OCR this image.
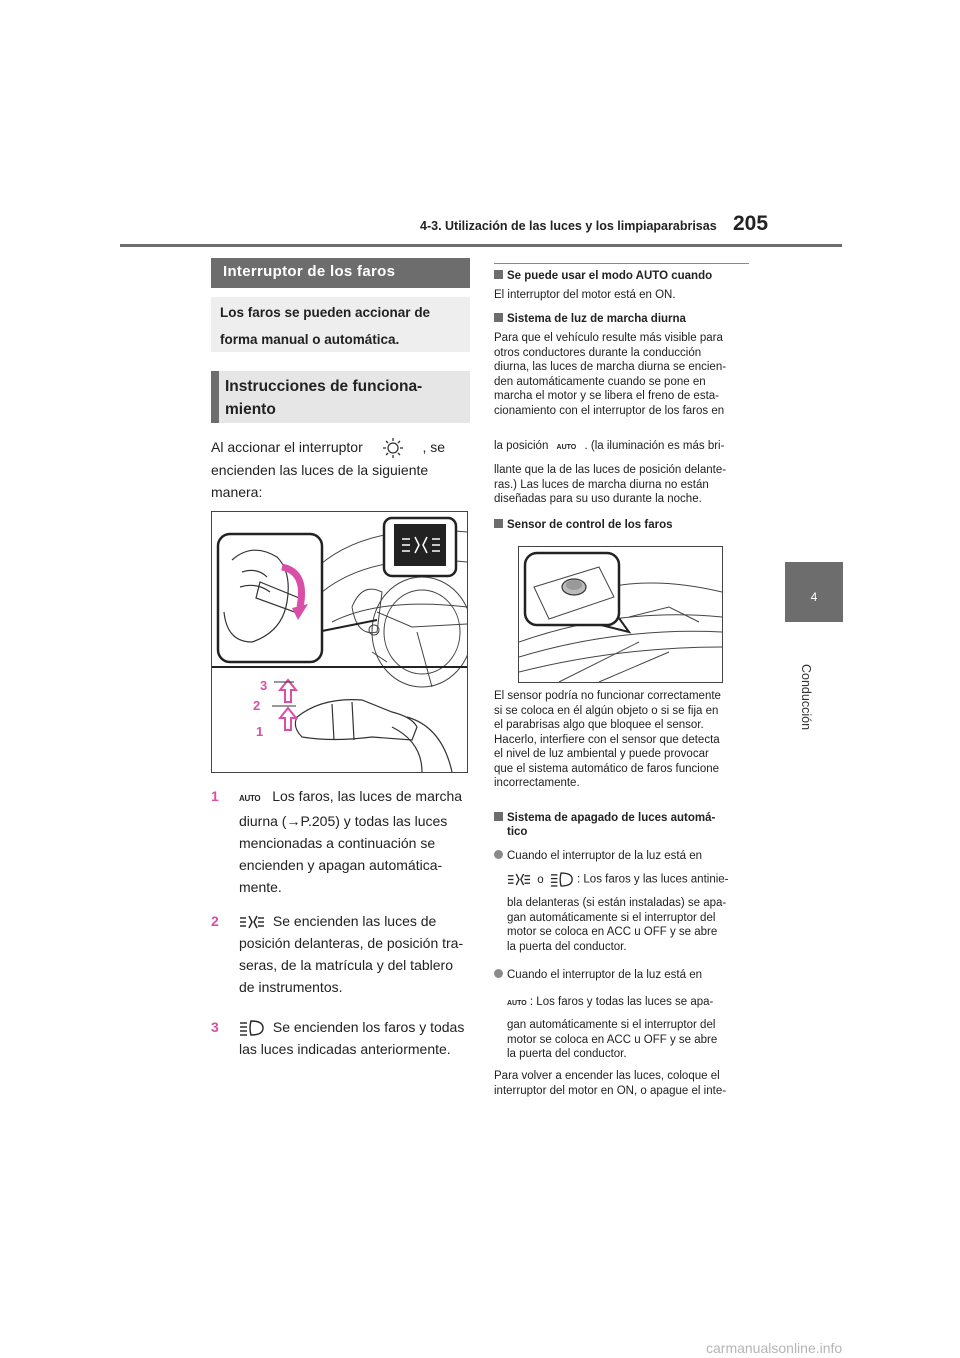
4-3. Utilización de las luces y los limpiaparabrisas 205
4
Conducción
Interruptor de los faros
Los faros se pueden accionar de
forma manual o automática.
Instrucciones de funciona-
miento
Al accionar el interruptor	, se
encienden las luces de la siguiente
manera:
3
2
1
1	AUTO Los faros, las luces de marcha
diurna (→P.205) y todas las luces
mencionadas a continuación se
encienden y apagan automática-
mente.
2	Se encienden las luces de
posición delanteras, de posición tra-
seras, de la matrícula y del tablero
de instrumentos.
3	Se encienden los faros y todas
las luces indicadas anteriormente.
Se puede usar el modo AUTO cuando
El interruptor del motor está en ON.
Sistema de luz de marcha diurna
Para que el vehículo resulte más visible para
otros conductores durante la conducción
diurna, las luces de marcha diurna se encien-
den automáticamente cuando se pone en
marcha el motor y se libera el freno de esta-
cionamiento con el interruptor de los faros en
la posición AUTO . (la iluminación es más bri-
llante que la de las luces de posición delante-
ras.) Las luces de marcha diurna no están
diseñadas para su uso durante la noche.
Sensor de control de los faros
El sensor podría no funcionar correctamente
si se coloca en él algún objeto o si se fija en
el parabrisas algo que bloquee el sensor.
Hacerlo, interfiere con el sensor que detecta
el nivel de luz ambiental y puede provocar
que el sistema automático de faros funcione
incorrectamente.
Sistema de apagado de luces automá-
tico
Cuando el interruptor de la luz está en
o	: Los faros y las luces antinie-
bla delanteras (si están instaladas) se apa-
gan automáticamente si el interruptor del
motor se coloca en ACC u OFF y se abre
la puerta del conductor.
Cuando el interruptor de la luz está en
AUTO : Los faros y todas las luces se apa-
gan automáticamente si el interruptor del
motor se coloca en ACC u OFF y se abre
la puerta del conductor.
Para volver a encender las luces, coloque el
interruptor del motor en ON, o apague el inte-
carmanualsonline.info
